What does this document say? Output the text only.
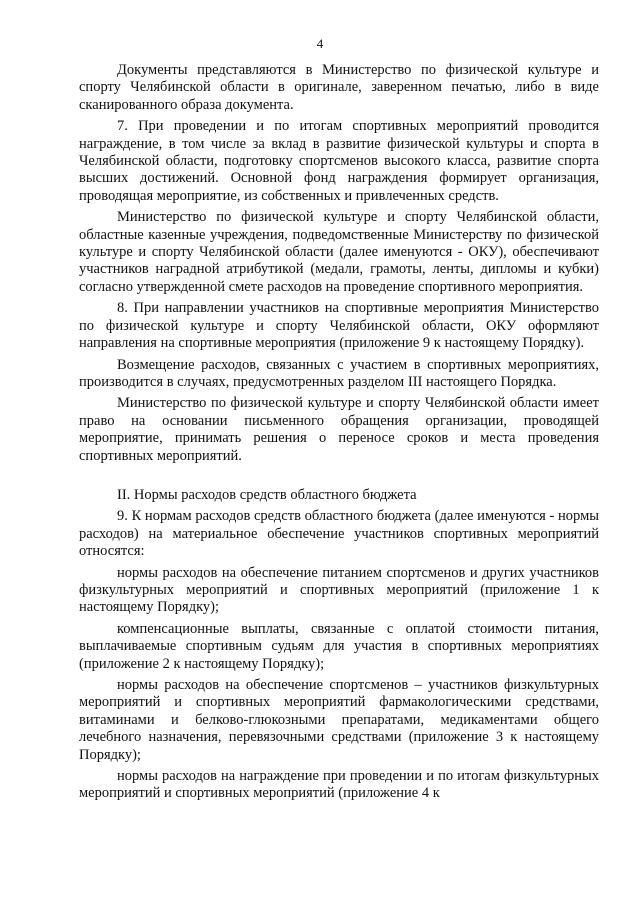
4

Документы представляются в Министерство по физической культуре и спорту Челябинской области в оригинале, заверенном печатью, либо в виде сканированного образа документа.

7. При проведении и по итогам спортивных мероприятий проводится награждение, в том числе за вклад в развитие физической культуры и спорта в Челябинской области, подготовку спортсменов высокого класса, развитие спорта высших достижений. Основной фонд награждения формирует организация, проводящая мероприятие, из собственных и привлеченных средств.

Министерство по физической культуре и спорту Челябинской области, областные казенные учреждения, подведомственные Министерству по физической культуре и спорту Челябинской области (далее именуются - ОКУ), обеспечивают участников наградной атрибутикой (медали, грамоты, ленты, дипломы и кубки) согласно утвержденной смете расходов на проведение спортивного мероприятия.

8. При направлении участников на спортивные мероприятия Министерство по физической культуре и спорту Челябинской области, ОКУ оформляют направления на спортивные мероприятия (приложение 9 к настоящему Порядку).

Возмещение расходов, связанных с участием в спортивных мероприятиях, производится в случаях, предусмотренных разделом III настоящего Порядка.

Министерство по физической культуре и спорту Челябинской области имеет право на основании письменного обращения организации, проводящей мероприятие, принимать решения о переносе сроков и места проведения спортивных мероприятий.

II. Нормы расходов средств областного бюджета

9. К нормам расходов средств областного бюджета (далее именуются - нормы расходов) на материальное обеспечение участников спортивных мероприятий относятся:

нормы расходов на обеспечение питанием спортсменов и других участников физкультурных мероприятий и спортивных мероприятий (приложение 1 к настоящему Порядку);

компенсационные выплаты, связанные с оплатой стоимости питания, выплачиваемые спортивным судьям для участия в спортивных мероприятиях (приложение 2 к настоящему Порядку);

нормы расходов на обеспечение спортсменов – участников физкультурных мероприятий и спортивных мероприятий фармакологическими средствами, витаминами и белково-глюкозными препаратами, медикаментами общего лечебного назначения, перевязочными средствами (приложение 3 к настоящему Порядку);

нормы расходов на награждение при проведении и по итогам физкультурных мероприятий и спортивных мероприятий (приложение 4 к
